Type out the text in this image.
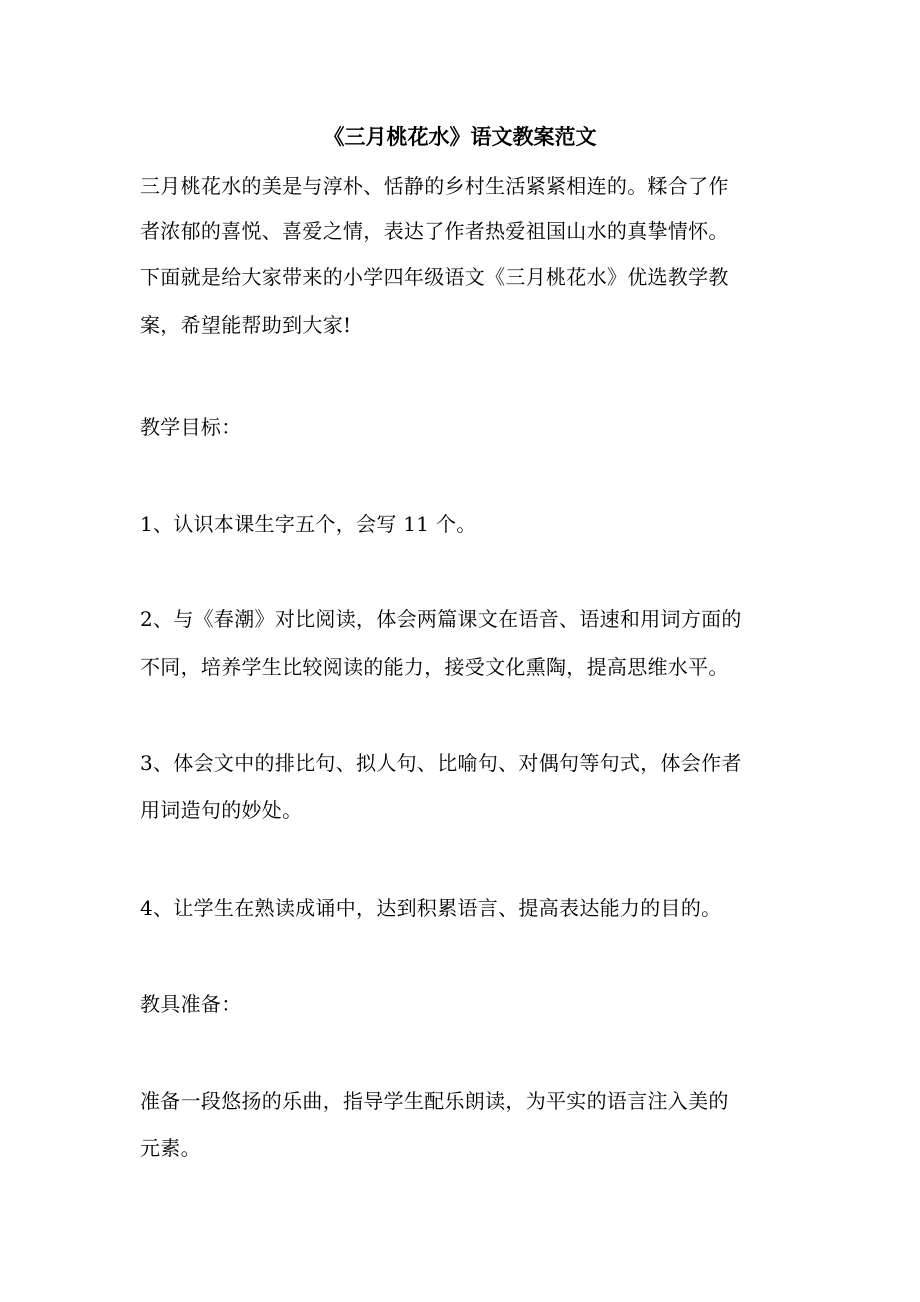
《三月桃花水》语文教案范文
三月桃花水的美是与淳朴、恬静的乡村生活紧紧相连的。糅合了作
者浓郁的喜悦、喜爱之情，表达了作者热爱祖国山水的真挚情怀。
下面就是给大家带来的小学四年级语文《三月桃花水》优选教学教
案，希望能帮助到大家!
教学目标：
1、认识本课生字五个，会写 11 个。
2、与《春潮》对比阅读，体会两篇课文在语音、语速和用词方面的
不同，培养学生比较阅读的能力，接受文化熏陶，提高思维水平。
3、体会文中的排比句、拟人句、比喻句、对偶句等句式，体会作者
用词造句的妙处。
4、让学生在熟读成诵中，达到积累语言、提高表达能力的目的。
教具准备：
准备一段悠扬的乐曲，指导学生配乐朗读，为平实的语言注入美的
元素。
